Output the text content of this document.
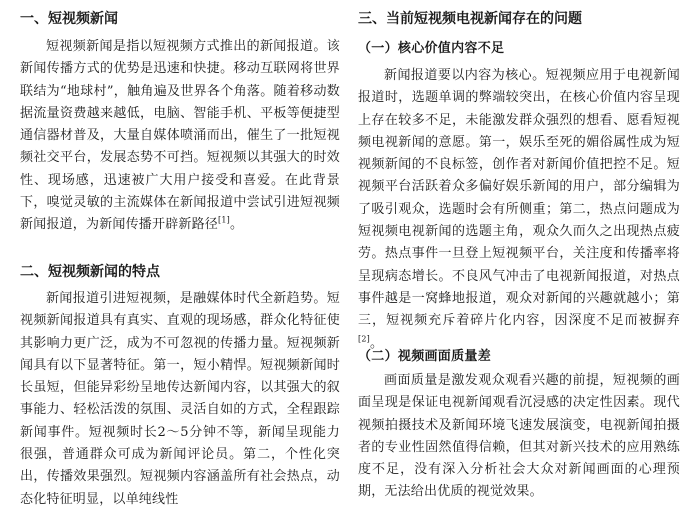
一、短视频新闻

短视频新闻是指以短视频方式推出的新闻报道。该新闻传播方式的优势是迅速和快捷。移动互联网将世界联结为“地球村”，触角遍及世界各个角落。随着移动数据流量资费越来越低，电脑、智能手机、平板等便捷型通信器材普及，大量自媒体喷涌而出，催生了一批短视频社交平台，发展态势不可挡。短视频以其强大的时效性、现场感，迅速被广大用户接受和喜爱。在此背景下，嗅觉灵敏的主流媒体在新闻报道中尝试引进短视频新闻报道，为新闻传播开辟新路径[1]。

二、短视频新闻的特点

新闻报道引进短视频，是融媒体时代全新趋势。短视频新闻报道具有真实、直观的现场感，群众化特征使其影响力更广泛，成为不可忽视的传播力量。短视频新闻具有以下显著特征。第一，短小精悍。短视频新闻时长虽短，但能异彩纷呈地传达新闻内容，以其强大的叙事能力、轻松活泼的氛围、灵活自如的方式，全程跟踪新闻事件。短视频时长2～5分钟不等，新闻呈现能力很强，普通群众可成为新闻评论员。第二，个性化突出，传播效果强烈。短视频内容涵盖所有社会热点，动态化特征明显，以单纯线性

三、当前短视频电视新闻存在的问题
（一）核心价值内容不足

新闻报道要以内容为核心。短视频应用于电视新闻报道时，选题单调的弊端较突出，在核心价值内容呈现上存在较多不足，未能激发群众强烈的想看、愿看短视频电视新闻的意愿。第一，娱乐至死的媚俗属性成为短视频新闻的不良标签，创作者对新闻价值把控不足。短视频平台活跃着众多偏好娱乐新闻的用户，部分编辑为了吸引观众，选题时会有所侧重；第二，热点问题成为短视频电视新闻的选题主角，观众久而久之出现热点疲劳。热点事件一旦登上短视频平台，关注度和传播率将呈现病态增长。不良风气冲击了电视新闻报道，对热点事件越是一窝蜂地报道，观众对新闻的兴趣就越小；第三，短视频充斥着碎片化内容，因深度不足而被摒弃[2]。

（二）视频画面质量差

画面质量是激发观众观看兴趣的前提，短视频的画面呈现是保证电视新闻观看沉浸感的决定性因素。现代视频拍摄技术及新闻环境飞速发展演变，电视新闻拍摄者的专业性固然值得信赖，但其对新兴技术的应用熟练度不足，没有深入分析社会大众对新闻画面的心理预期，无法给出优质的视觉效果。
